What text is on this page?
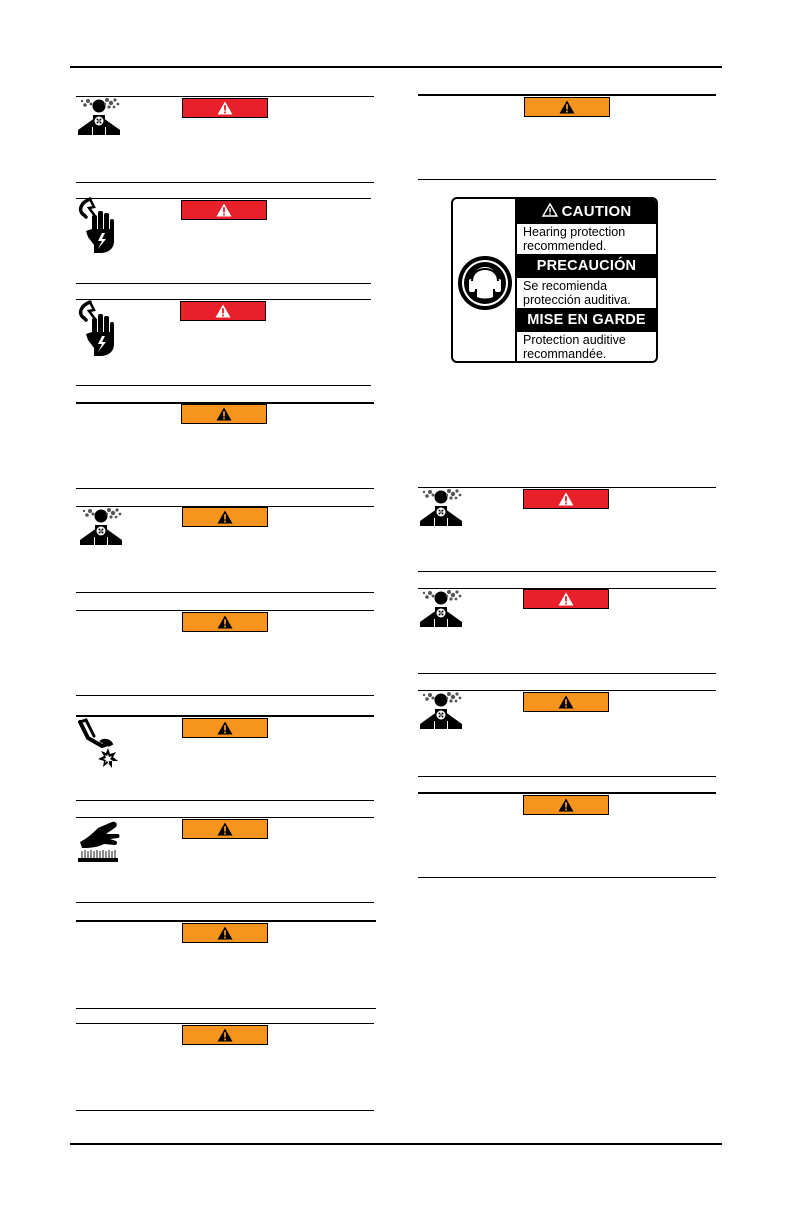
CAUTION
Hearing protection
recommended.
PRECAUCIÓN
Se recomienda
protección auditiva.
MISE EN GARDE
Protection auditive
recommandée.
